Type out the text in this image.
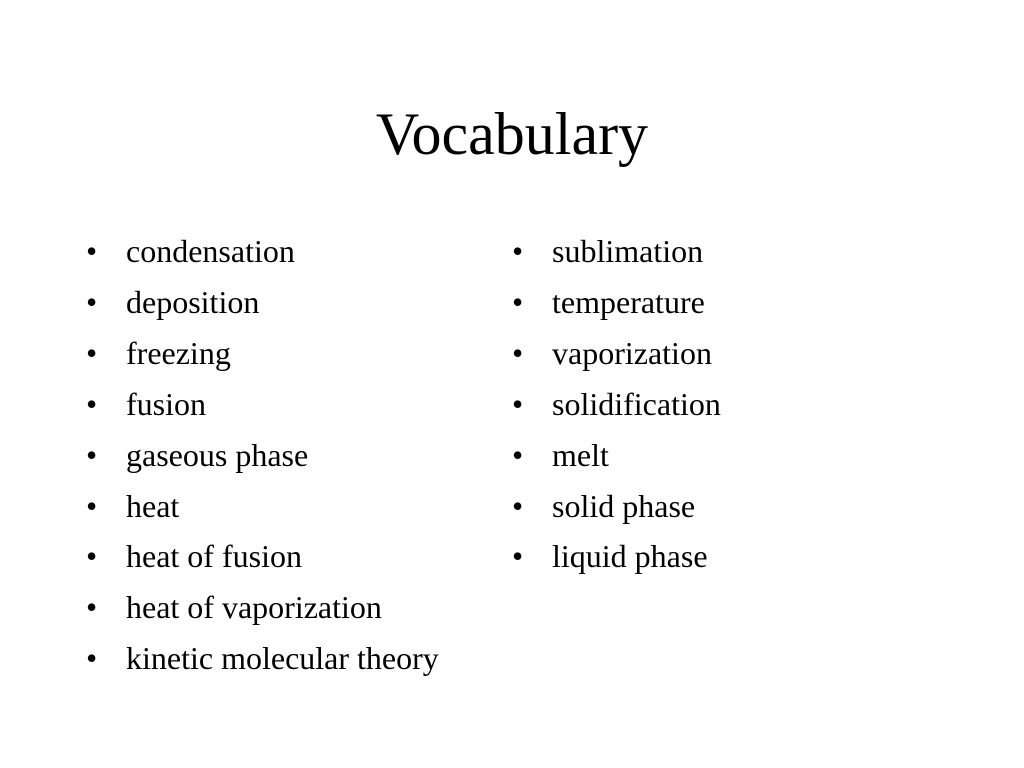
Vocabulary
• condensation
• deposition
• freezing
• fusion
• gaseous phase
• heat
• heat of fusion
• heat of vaporization
• kinetic molecular theory
• sublimation
• temperature
• vaporization
• solidification
• melt
• solid phase
• liquid phase
